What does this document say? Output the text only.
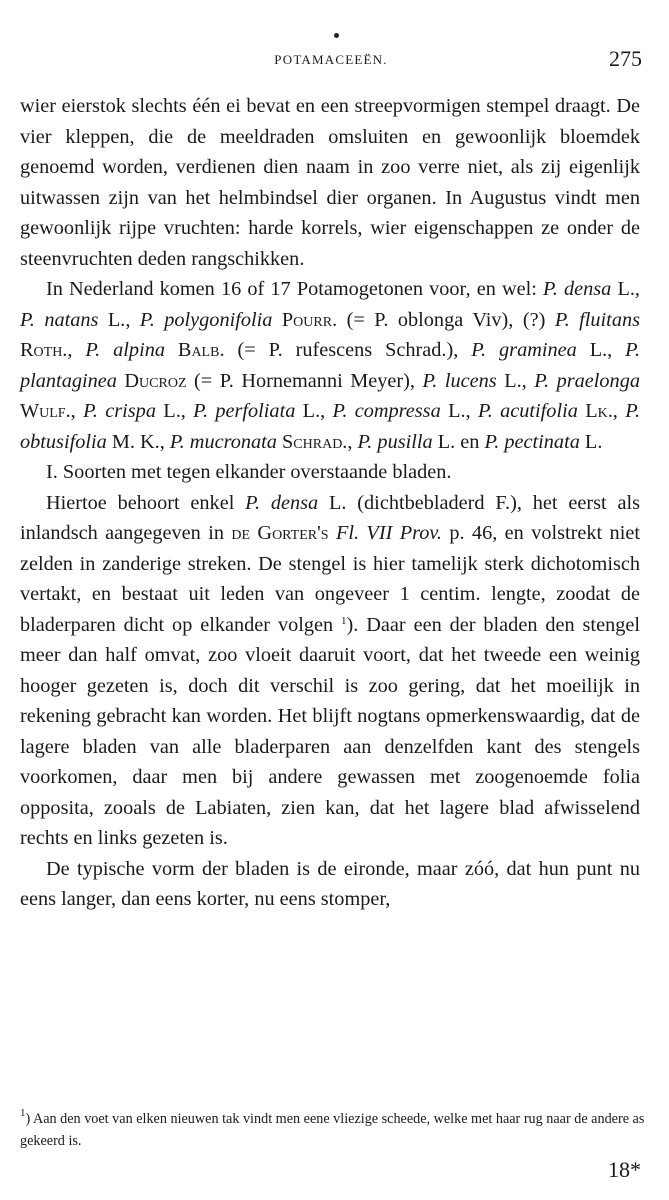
POTAMACEEËN.	275

wier eierstok slechts één ei bevat en een streepvormigen stempel draagt. De vier kleppen, die de meeldraden omsluiten en gewoonlijk bloemdek genoemd worden, verdienen dien naam in zoo verre niet, als zij eigenlijk uitwassen zijn van het helmbindsel dier organen. In Augustus vindt men gewoonlijk rijpe vruchten: harde korrels, wier eigenschappen ze onder de steenvruchten deden rangschikken.

In Nederland komen 16 of 17 Potamogetonen voor, en wel: P. densa L., P. natans L., P. polygonifolia Pourr. (= P. oblonga Viv), (?) P. fluitans Roth., P. alpina Balb. (= P. rufescens Schrad.), P. graminea L., P. plantaginea Ducroz (= P. Hornemanni Meyer), P. lucens L., P. praelonga Wulf., P. crispa L., P. perfoliata L., P. compressa L., P. acutifolia Lk., P. obtusifolia M. K., P. mucronata Schrad., P. pusilla L. en P. pectinata L.

I. Soorten met tegen elkander overstaande bladen.

Hiertoe behoort enkel P. densa L. (dichtbebladerd F.), het eerst als inlandsch aangegeven in de Gorter's Fl. VII Prov. p. 46, en volstrekt niet zelden in zanderige streken. De stengel is hier tamelijk sterk dichotomisch vertakt, en bestaat uit leden van ongeveer 1 centim. lengte, zoodat de bladerparen dicht op elkander volgen $^1$). Daar een der bladen den stengel meer dan half omvat, zoo vloeit daaruit voort, dat het tweede een weinig hooger gezeten is, doch dit verschil is zoo gering, dat het moeilijk in rekening gebracht kan worden. Het blijft nogtans opmerkenswaardig, dat de lagere bladen van alle bladerparen aan denzelfden kant des stengels voorkomen, daar men bij andere gewassen met zoogenoemde folia opposita, zooals de Labiaten, zien kan, dat het lagere blad afwisselend rechts en links gezeten is.

De typische vorm der bladen is de eironde, maar zóó, dat hun punt nu eens langer, dan eens korter, nu eens stomper,

$^1$) Aan den voet van elken nieuwen tak vindt men eene vliezige scheede, welke met haar rug naar de andere as gekeerd is.

18*
